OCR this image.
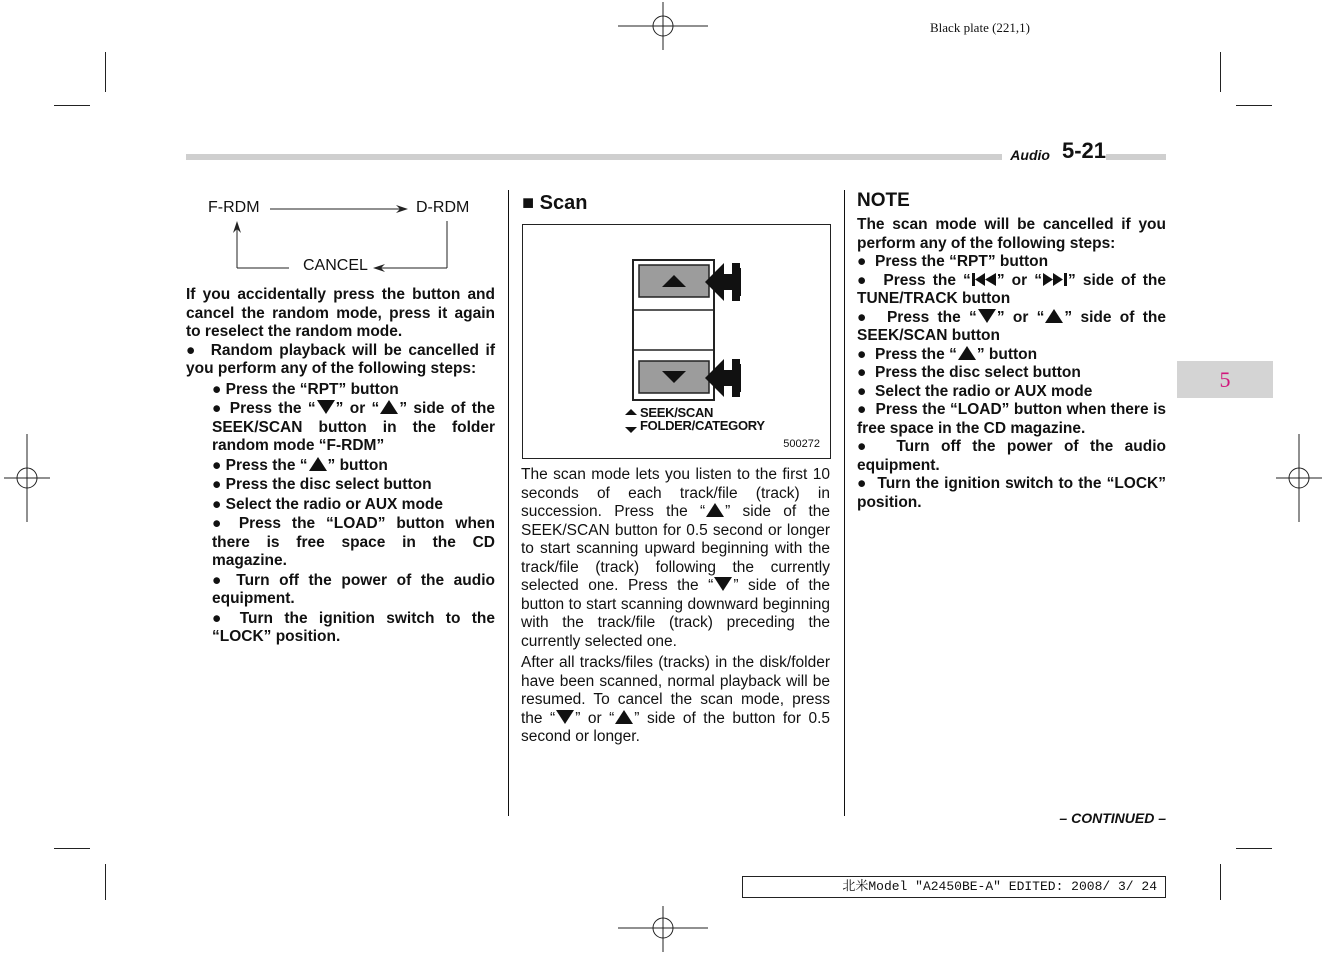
Black plate (221,1)
Audio 5-21
5
F-RDM	D-RDM
CANCEL

If you accidentally press the button and cancel the random mode, press it again to reselect the random mode.

●  Random playback will be cancelled if you perform any of the following steps:

● Press the “RPT” button

● Press the “ ” or “ ” side of the SEEK/SCAN button in the folder random mode “F-RDM”

● Press the “ ” button

● Press the disc select button

● Select the radio or AUX mode

● Press the “LOAD” button when there is free space in the CD magazine.

● Turn off the power of the audio equipment.

● Turn the ignition switch to the “LOCK” position.

■ Scan
SEEK/SCAN
FOLDER/CATEGORY
500272

The scan mode lets you listen to the first 10 seconds of each track/file (track) in succession. Press the “ ” side of the SEEK/SCAN button for 0.5 second or longer to start scanning upward beginning with the track/file (track) following the currently selected one. Press the “ ” side of the button to start scanning downward beginning with the track/file (track) preceding the currently selected one.

After all tracks/files (tracks) in the disk/folder have been scanned, normal playback will be resumed. To cancel the scan mode, press the “ ” or “ ” side of the button for 0.5 second or longer.

NOTE

The scan mode will be cancelled if you perform any of the following steps:

●  Press the “RPT” button

●  Press the “ ” or “ ” side of the TUNE/TRACK button

●  Press the “ ” or “ ” side of the SEEK/SCAN button

●  Press the “ ” button

●  Press the disc select button

●  Select the radio or AUX mode

●  Press the “LOAD” button when there is free space in the CD magazine.

●  Turn off the power of the audio equipment.

●  Turn the ignition switch to the “LOCK” position.

– CONTINUED –
北米Model "A2450BE-A" EDITED: 2008/ 3/ 24
